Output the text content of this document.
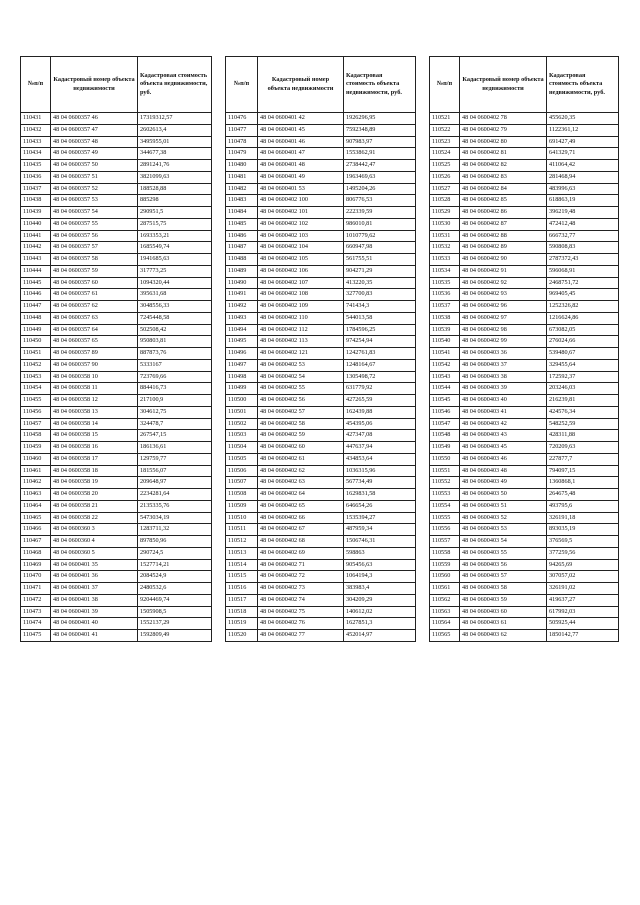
№п/п	Кадастровый номер объекта недвижимости	Кадастровая стоимость объекта недвижимости, руб.
110431	48 04 0600357 46	17319312,57
110432	48 04 0600357 47	2602613,4
110433	48 04 0600357 48	3495955,01
110434	48 04 0600357 49	344677,38
110435	48 04 0600357 50	2891241,76
110436	48 04 0600357 51	3821099,63
110437	48 04 0600357 52	188528,88
110438	48 04 0600357 53	885298
110439	48 04 0600357 54	290951,5
110440	48 04 0600357 55	287515,75
110441	48 04 0600357 56	1693353,21
110442	48 04 0600357 57	1685549,74
110443	48 04 0600357 58	1941685,63
110444	48 04 0600357 59	317773,25
110445	48 04 0600357 60	1094320,44
110446	48 04 0600357 61	395631,68
110447	48 04 0600357 62	3048556,33
110448	48 04 0600357 63	7245448,58
110449	48 04 0600357 64	502508,42
110450	48 04 0600357 65	950803,81
110451	48 04 0600357 89	887873,76
110452	48 04 0600357 90	5333167
110453	48 04 0600358 10	723769,66
110454	48 04 0600358 11	884416,73
110455	48 04 0600358 12	217100,9
110456	48 04 0600358 13	304612,75
110457	48 04 0600358 14	324478,7
110458	48 04 0600358 15	267547,15
110459	48 04 0600358 16	186136,61
110460	48 04 0600358 17	129759,77
110461	48 04 0600358 18	181556,07
110462	48 04 0600358 19	209648,97
110463	48 04 0600358 20	2234281,64
110464	48 04 0600358 21	2135335,76
110465	48 04 0600358 22	5473034,19
110466	48 04 0600360 3	1283711,32
110467	48 04 0600360 4	897850,96
110468	48 04 0600360 5	290724,5
110469	48 04 0600401 35	1527714,21
110470	48 04 0600401 36	2084524,9
110471	48 04 0600401 37	2480532,6
110472	48 04 0600401 38	9204469,74
110473	48 04 0600401 39	1505908,5
110474	48 04 0600401 40	1552137,29
110475	48 04 0600401 41	1592809,49
№п/п	Кадастровый номер объекта недвижимости	Кадастровая стоимость объекта недвижимости, руб.
110476	48 04 0600401 42	1926296,95
110477	48 04 0600401 45	7592348,89
110478	48 04 0600401 46	907983,97
110479	48 04 0600401 47	1553862,91
110480	48 04 0600401 48	2738442,47
110481	48 04 0600401 49	1963469,63
110482	48 04 0600401 53	1495204,26
110483	48 04 0600402 100	806776,53
110484	48 04 0600402 101	222339,59
110485	48 04 0600402 102	986010,81
110486	48 04 0600402 103	1010779,62
110487	48 04 0600402 104	660947,98
110488	48 04 0600402 105	561755,51
110489	48 04 0600402 106	904271,29
110490	48 04 0600402 107	413220,35
110491	48 04 0600402 108	327700,83
110492	48 04 0600402 109	741434,3
110493	48 04 0600402 110	544013,58
110494	48 04 0600402 112	1784596,25
110495	48 04 0600402 113	974254,94
110496	48 04 0600402 121	1242761,83
110497	48 04 0600402 53	1248164,67
110498	48 04 0600402 54	1305498,72
110499	48 04 0600402 55	631779,92
110500	48 04 0600402 56	427265,59
110501	48 04 0600402 57	162439,88
110502	48 04 0600402 58	454395,06
110503	48 04 0600402 59	427347,08
110504	48 04 0600402 60	447637,94
110505	48 04 0600402 61	434853,64
110506	48 04 0600402 62	1036315,96
110507	48 04 0600402 63	567734,49
110508	48 04 0600402 64	1629831,58
110509	48 04 0600402 65	646654,26
110510	48 04 0600402 66	1535394,27
110511	48 04 0600402 67	487959,34
110512	48 04 0600402 68	1506746,31
110513	48 04 0600402 69	598863
110514	48 04 0600402 71	905456,63
110515	48 04 0600402 72	1064194,3
110516	48 04 0600402 73	383983,4
110517	48 04 0600402 74	304209,29
110518	48 04 0600402 75	140612,02
110519	48 04 0600402 76	1627851,3
110520	48 04 0600402 77	452014,97
№п/п	Кадастровый номер объекта недвижимости	Кадастровая стоимость объекта недвижимости, руб.
110521	48 04 0600402 78	455620,35
110522	48 04 0600402 79	1122361,12
110523	48 04 0600402 80	691427,49
110524	48 04 0600402 81	641329,71
110525	48 04 0600402 82	411064,42
110526	48 04 0600402 83	281468,94
110527	48 04 0600402 84	483996,63
110528	48 04 0600402 85	618863,19
110529	48 04 0600402 86	396219,48
110530	48 04 0600402 87	472412,48
110531	48 04 0600402 88	666732,77
110532	48 04 0600402 89	590808,83
110533	48 04 0600402 90	2787372,43
110534	48 04 0600402 91	596068,91
110535	48 04 0600402 92	2468751,72
110536	48 04 0600402 93	969405,45
110537	48 04 0600402 96	1252326,82
110538	48 04 0600402 97	1216624,86
110539	48 04 0600402 98	673082,05
110540	48 04 0600402 99	276024,66
110541	48 04 0600403 36	539480,67
110542	48 04 0600403 37	329455,64
110543	48 04 0600403 38	172592,37
110544	48 04 0600403 39	203246,03
110545	48 04 0600403 40	216239,81
110546	48 04 0600403 41	424576,34
110547	48 04 0600403 42	548252,59
110548	48 04 0600403 43	428311,88
110549	48 04 0600403 45	720209,63
110550	48 04 0600403 46	227877,7
110551	48 04 0600403 48	794097,15
110552	48 04 0600403 49	1360868,1
110553	48 04 0600403 50	264675,48
110554	48 04 0600403 51	493795,6
110555	48 04 0600403 52	326191,18
110556	48 04 0600403 53	893035,19
110557	48 04 0600403 54	376569,5
110558	48 04 0600403 55	377259,56
110559	48 04 0600403 56	94265,69
110560	48 04 0600403 57	307057,02
110561	48 04 0600403 58	326191,02
110562	48 04 0600403 59	419637,27
110563	48 04 0600403 60	617992,03
110564	48 04 0600403 61	505925,44
110565	48 04 0600403 62	1850142,77
